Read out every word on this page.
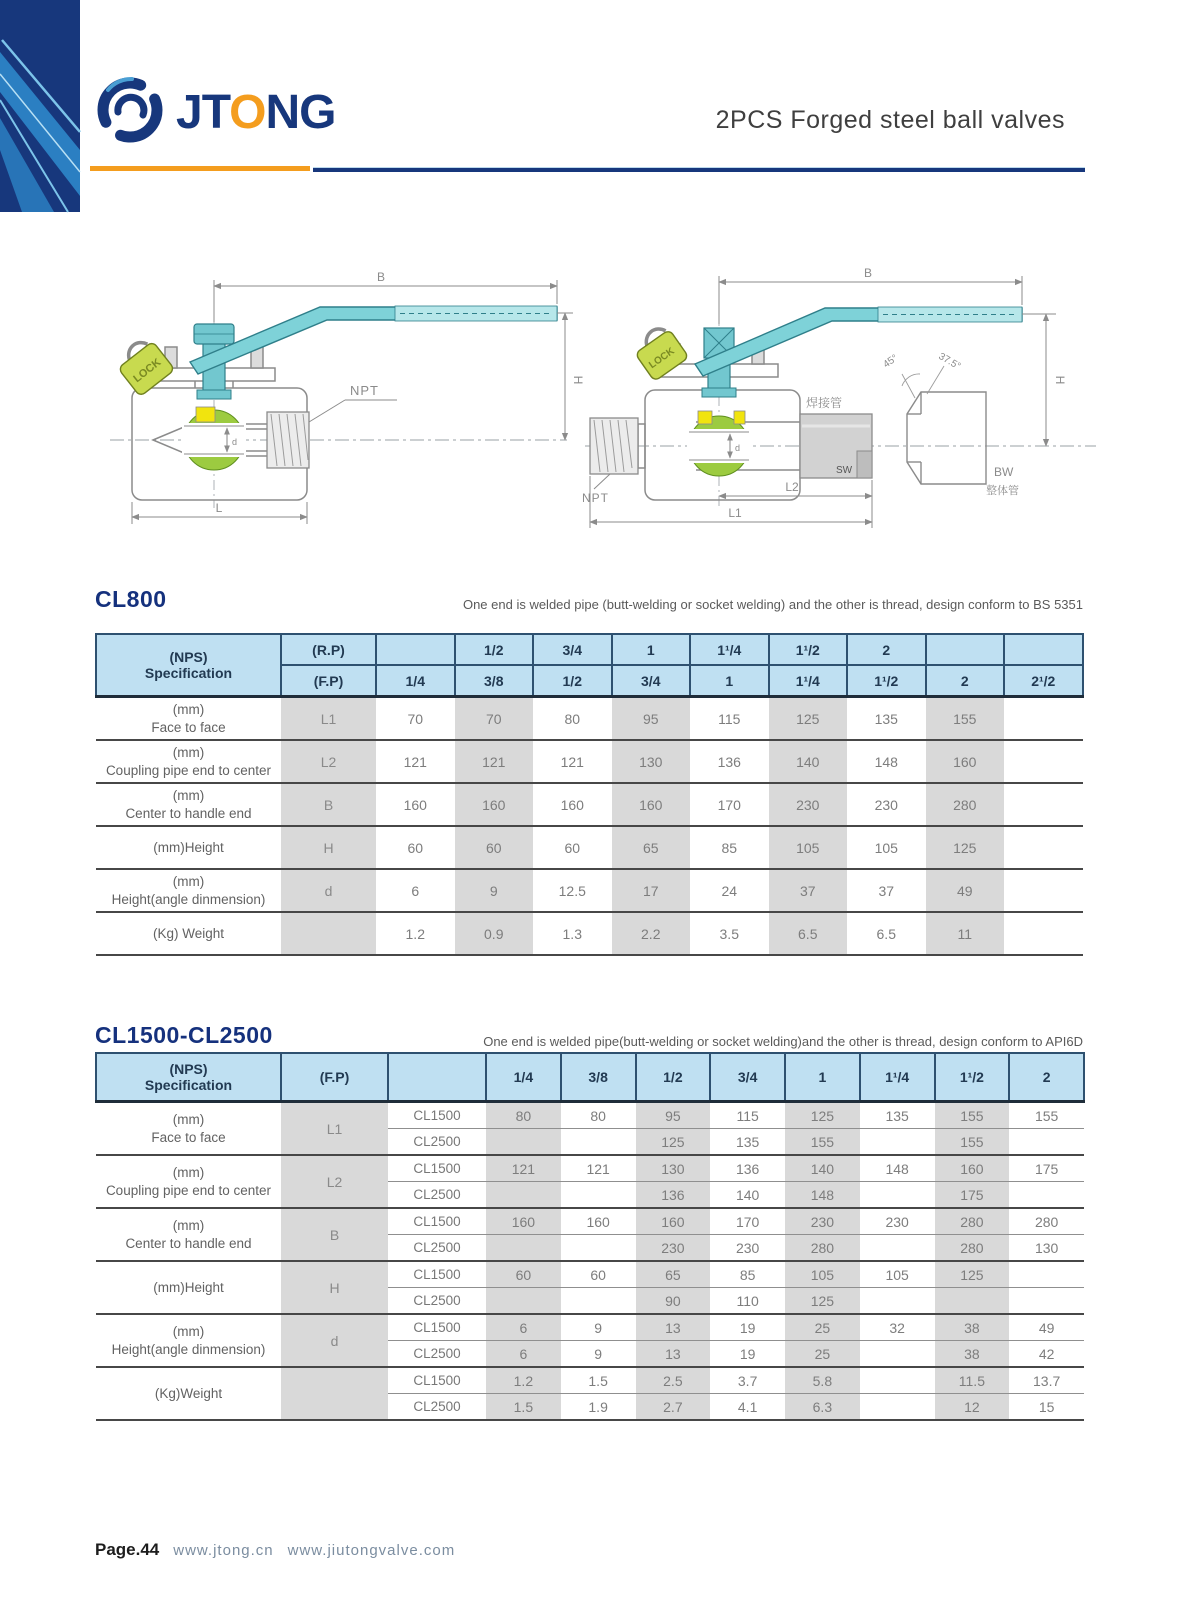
JTONG	2PCS Forged steel ball valves
d
LOCK
NPT
B
H
L
焊接管
SW
d
LOCK	45°	37.5°
BW
整体管
NPT
B
H
L2
L1
CL800	One end is welded pipe (butt-welding or socket welding) and the other is thread, design conform to BS 5351
(NPS)
Specification	(R.P)		1/2	3/4	1	1¹/4	1¹/2	2		
	(F.P)	1/4	3/8	1/2	3/4	1	1¹/4	1¹/2	2	2¹/2

(mm)
Face to face	L1	70	70	80	95	115	125	135	155	

(mm)
Coupling pipe end to center	L2	121	121	121	130	136	140	148	160	

(mm)
Center to handle end	B	160	160	160	160	170	230	230	280	

(mm)Height	H	60	60	60	65	85	105	105	125	

(mm)
Height(angle dinmension)	d	6	9	12.5	17	24	37	37	49	

(Kg) Weight		1.2	0.9	1.3	2.2	3.5	6.5	6.5	11	
CL1500-CL2500	One end is welded pipe(butt-welding or socket welding)and the other is thread, design conform to API6D
(NPS)
Specification	(F.P)		1/4	3/8	1/2	3/4	1	1¹/4	1¹/2	2

(mm)
Face to face	L1	CL1500	80	80	95	115	125	135	155	155
		CL2500			125	135	155		155	

(mm)
Coupling pipe end to center	L2	CL1500	121	121	130	136	140	148	160	175
		CL2500			136	140	148		175	

(mm)
Center to handle end	B	CL1500	160	160	160	170	230	230	280	280
		CL2500			230	230	280		280	130

(mm)Height	H	CL1500	60	60	65	85	105	105	125	
		CL2500			90	110	125			

(mm)
Height(angle dinmension)	d	CL1500	6	9	13	19	25	32	38	49
		CL2500	6	9	13	19	25		38	42

(Kg)Weight		CL1500	1.2	1.5	2.5	3.7	5.8		11.5	13.7
		CL2500	1.5	1.9	2.7	4.1	6.3		12	15
Page.44 www.jtong.cn www.jiutongvalve.com
